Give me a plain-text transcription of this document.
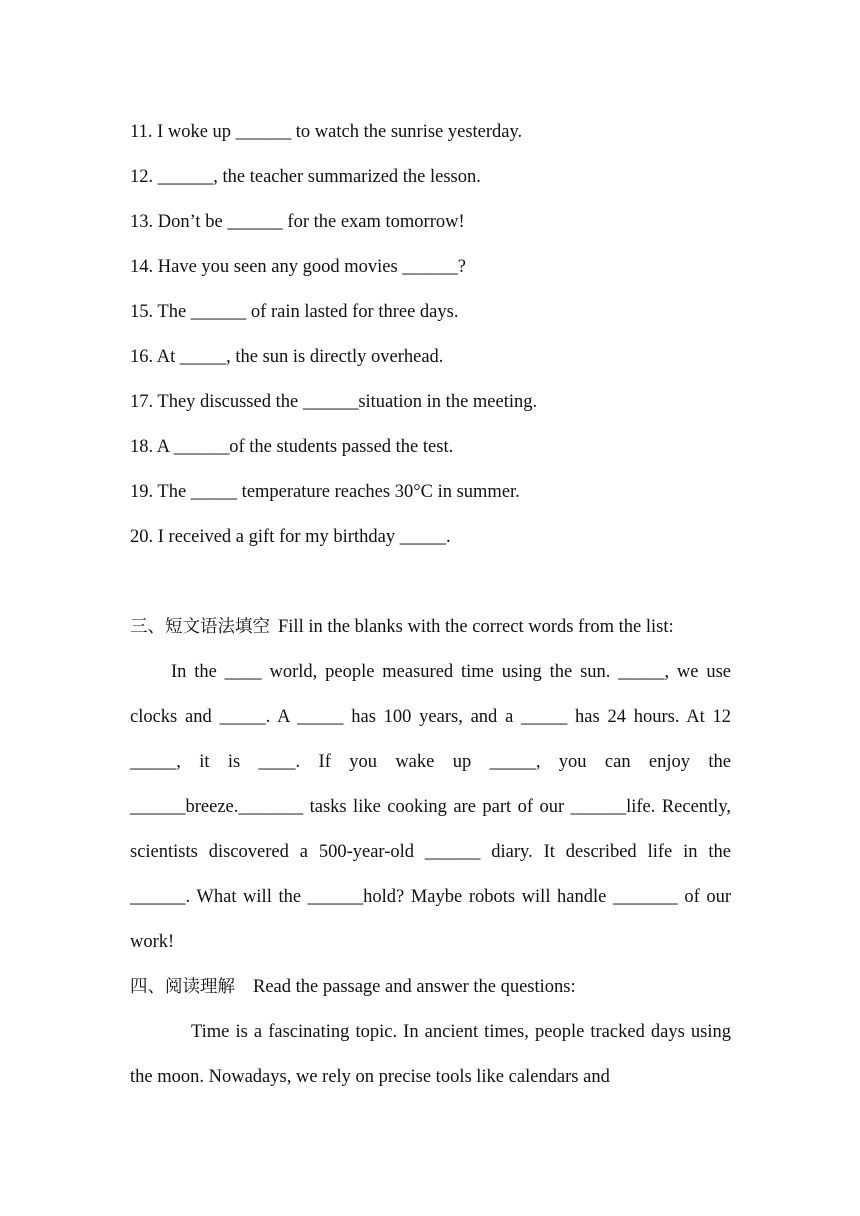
11. I woke up ______ to watch the sunrise yesterday.
12. ______, the teacher summarized the lesson.
13. Don’t be ______ for the exam tomorrow!
14. Have you seen any good movies ______?
15. The ______ of rain lasted for three days.
16. At _____, the sun is directly overhead.
17. They discussed the ______situation in the meeting.
18. A ______of the students passed the test.
19. The _____ temperature reaches 30°C in summer.
20. I received a gift for my birthday _____.
三、短文语法填空 Fill in the blanks with the correct words from the list:
In the ____ world, people measured time using the sun. _____, we use clocks and _____. A _____ has 100 years, and a _____ has 24 hours. At 12 _____, it is ____. If you wake up _____, you can enjoy the ______breeze._______ tasks like cooking are part of our ______life. Recently, scientists discovered a 500-year-old ______ diary. It described life in the ______. What will the ______hold? Maybe robots will handle _______ of our work!
四、阅读理解 Read the passage and answer the questions:
Time is a fascinating topic. In ancient times, people tracked days using the moon. Nowadays, we rely on precise tools like calendars and
